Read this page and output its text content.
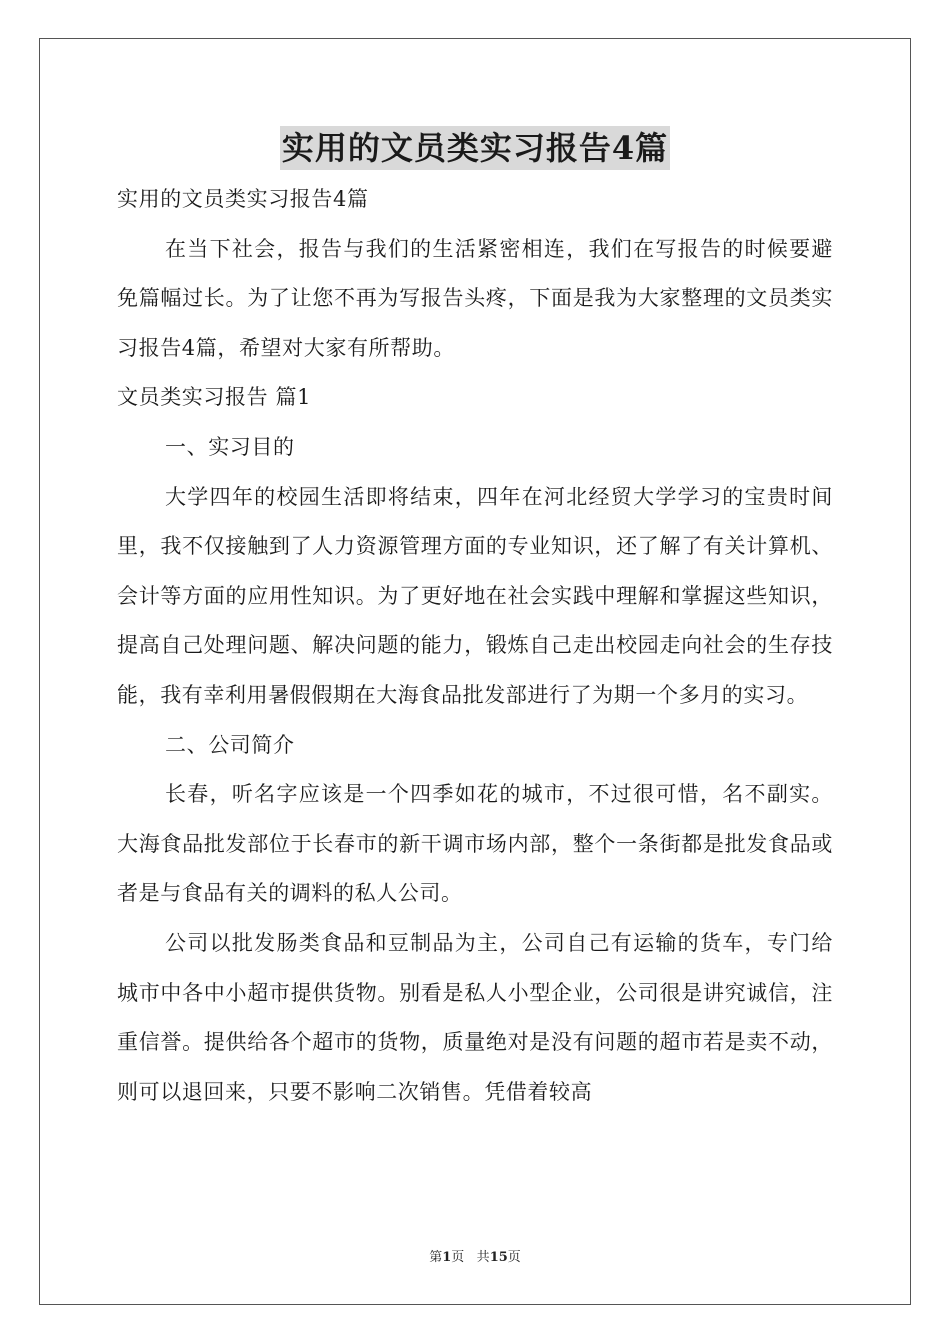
实用的文员类实习报告4篇

实用的文员类实习报告4篇

在当下社会，报告与我们的生活紧密相连，我们在写报告的时候要避免篇幅过长。为了让您不再为写报告头疼，下面是我为大家整理的文员类实习报告4篇，希望对大家有所帮助。

文员类实习报告 篇1

一、实习目的

大学四年的校园生活即将结束，四年在河北经贸大学学习的宝贵时间里，我不仅接触到了人力资源管理方面的专业知识，还了解了有关计算机、会计等方面的应用性知识。为了更好地在社会实践中理解和掌握这些知识，提高自己处理问题、解决问题的能力，锻炼自己走出校园走向社会的生存技能，我有幸利用暑假假期在大海食品批发部进行了为期一个多月的实习。

二、公司简介

长春，听名字应该是一个四季如花的城市，不过很可惜，名不副实。大海食品批发部位于长春市的新干调市场内部，整个一条街都是批发食品或者是与食品有关的调料的私人公司。

公司以批发肠类食品和豆制品为主，公司自己有运输的货车，专门给城市中各中小超市提供货物。别看是私人小型企业，公司很是讲究诚信，注重信誉。提供给各个超市的货物，质量绝对是没有问题的超市若是卖不动，则可以退回来，只要不影响二次销售。凭借着较高

第1页 共15页
